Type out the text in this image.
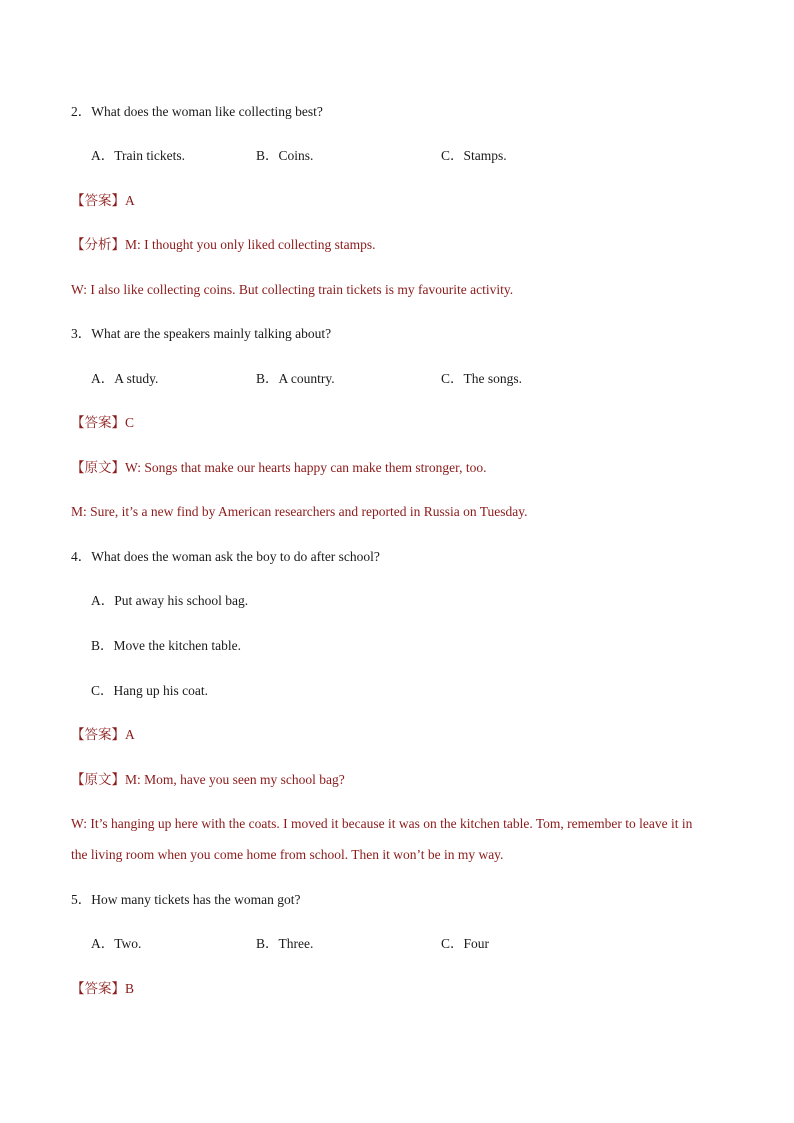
2．What does the woman like collecting best?
A．Train tickets.	B．Coins.	C．Stamps.
【答案】A
【分析】M: I thought you only liked collecting stamps.
W: I also like collecting coins. But collecting train tickets is my favourite activity.
3．What are the speakers mainly talking about?
A．A study.	B．A country.	C．The songs.
【答案】C
【原文】W: Songs that make our hearts happy can make them stronger, too.
M: Sure, it’s a new find by American researchers and reported in Russia on Tuesday.
4．What does the woman ask the boy to do after school?
A．Put away his school bag.
B．Move the kitchen table.
C．Hang up his coat.
【答案】A
【原文】M: Mom, have you seen my school bag?
W: It’s hanging up here with the coats. I moved it because it was on the kitchen table. Tom, remember to leave it in
the living room when you come home from school. Then it won’t be in my way.
5．How many tickets has the woman got?
A．Two.	B．Three.	C．Four
【答案】B
